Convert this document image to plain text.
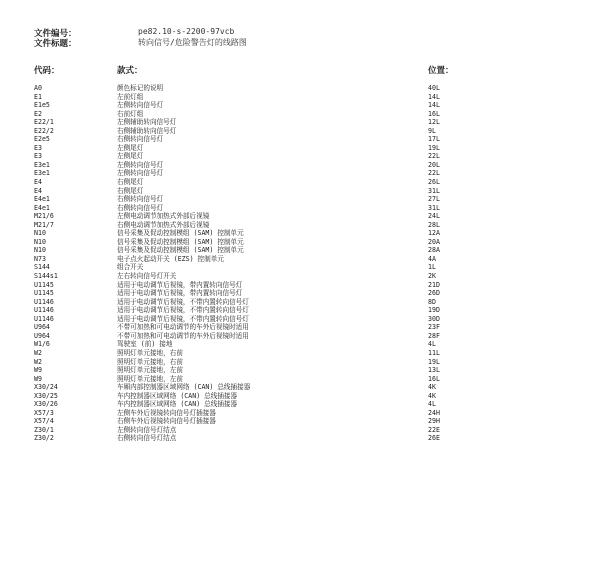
文件编号：	pe82.10-s-2200-97vcb
文件标题：	转向信号/危险警告灯的线路图
代码：	款式：	位置：
A0	颜色标记的说明	40L
E1	左前灯组	14L
E1e5	左侧转向信号灯	14L
E2	右前灯组	16L
E22/1	左侧辅助转向信号灯	12L
E22/2	右侧辅助转向信号灯	9L
E2e5	右侧转向信号灯	17L
E3	左侧尾灯	19L
E3	左侧尾灯	22L
E3e1	左侧转向信号灯	20L
E3e1	左侧转向信号灯	22L
E4	右侧尾灯	26L
E4	右侧尾灯	31L
E4e1	右侧转向信号灯	27L
E4e1	右侧转向信号灯	31L
M21/6	左侧电动调节加热式外部后视镜	24L
M21/7	右侧电动调节加热式外部后视镜	28L
N10	信号采集及促动控制模组 (SAM) 控制单元	12A
N10	信号采集及促动控制模组 (SAM) 控制单元	20A
N10	信号采集及促动控制模组 (SAM) 控制单元	28A
N73	电子点火起动开关 (EZS) 控制单元	4A
S144	组合开关	1L
S144s1	左右转向信号灯开关	2K
U1145	适用于电动调节后视镜，带内置转向信号灯	21D
U1145	适用于电动调节后视镜，带内置转向信号灯	26D
U1146	适用于电动调节后视镜，不带内置转向信号灯	8D
U1146	适用于电动调节后视镜，不带内置转向信号灯	19D
U1146	适用于电动调节后视镜，不带内置转向信号灯	30D
U964	不带可加热和可电动调节的车外后视镜时适用	23F
U964	不带可加热和可电动调节的车外后视镜时适用	28F
W1/6	驾驶室 (前) 接地	4L
W2	照明灯单元接地，右前	11L
W2	照明灯单元接地，右前	19L
W9	照明灯单元接地，左前	13L
W9	照明灯单元接地，左前	16L
X30/24	车厢内部控制器区域网络 (CAN) 总线插接器	4K
X30/25	车内控制器区域网络 (CAN) 总线插接器	4K
X30/26	车内控制器区域网络 (CAN) 总线插接器	4L
X57/3	左侧车外后视镜转向信号灯插接器	24H
X57/4	右侧车外后视镜转向信号灯插接器	29H
Z30/1	左侧转向信号灯结点	22E
Z30/2	右侧转向信号灯结点	26E
